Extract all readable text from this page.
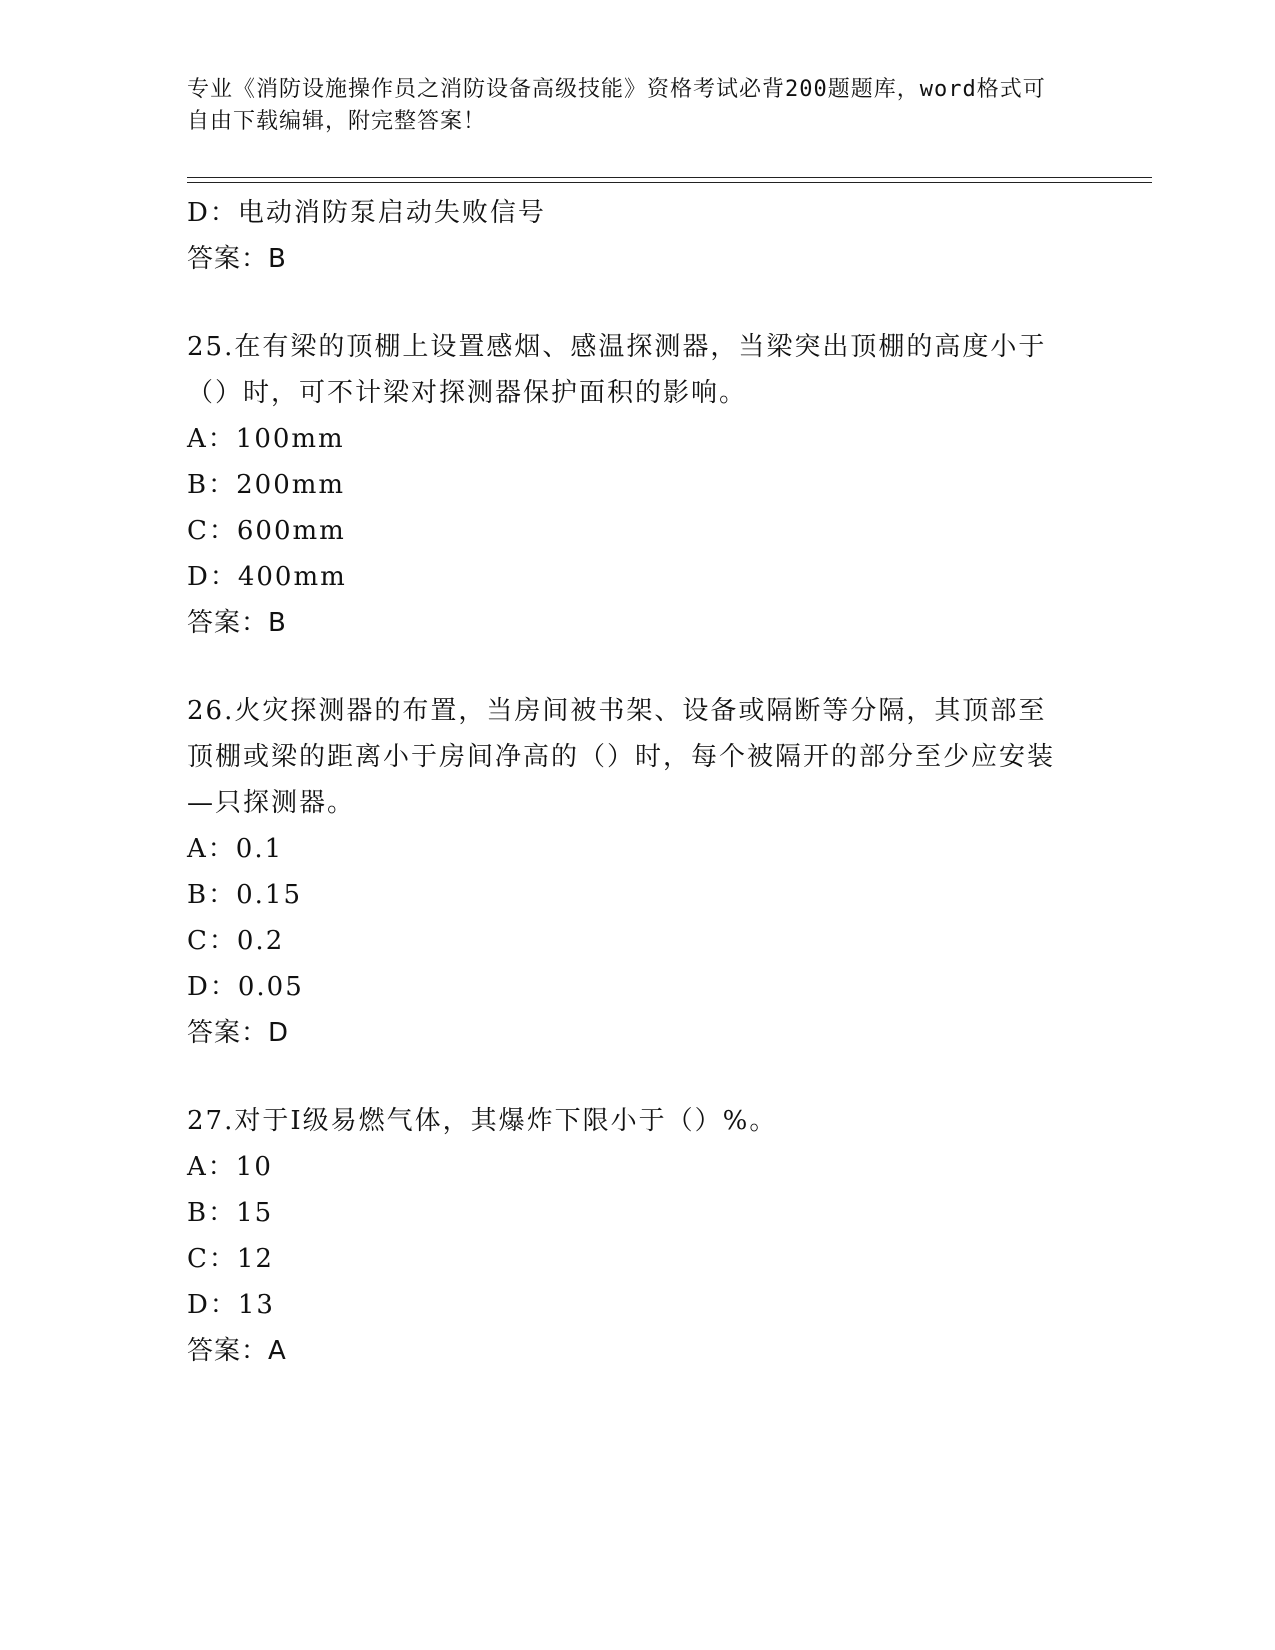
专业《消防设施操作员之消防设备高级技能》资格考试必背200题题库，word格式可自由下载编辑，附完整答案！
D：电动消防泵启动失败信号
答案：B
25.在有梁的顶棚上设置感烟、感温探测器，当梁突出顶棚的高度小于（）时，可不计梁对探测器保护面积的影响。
A：100mm
B：200mm
C：600mm
D：400mm
答案：B
26.火灾探测器的布置，当房间被书架、设备或隔断等分隔，其顶部至顶棚或梁的距离小于房间净高的（）时，每个被隔开的部分至少应安装—只探测器。
A：0.1
B：0.15
C：0.2
D：0.05
答案：D
27.对于Ⅰ级易燃气体，其爆炸下限小于（）%。
A：10
B：15
C：12
D：13
答案：A
